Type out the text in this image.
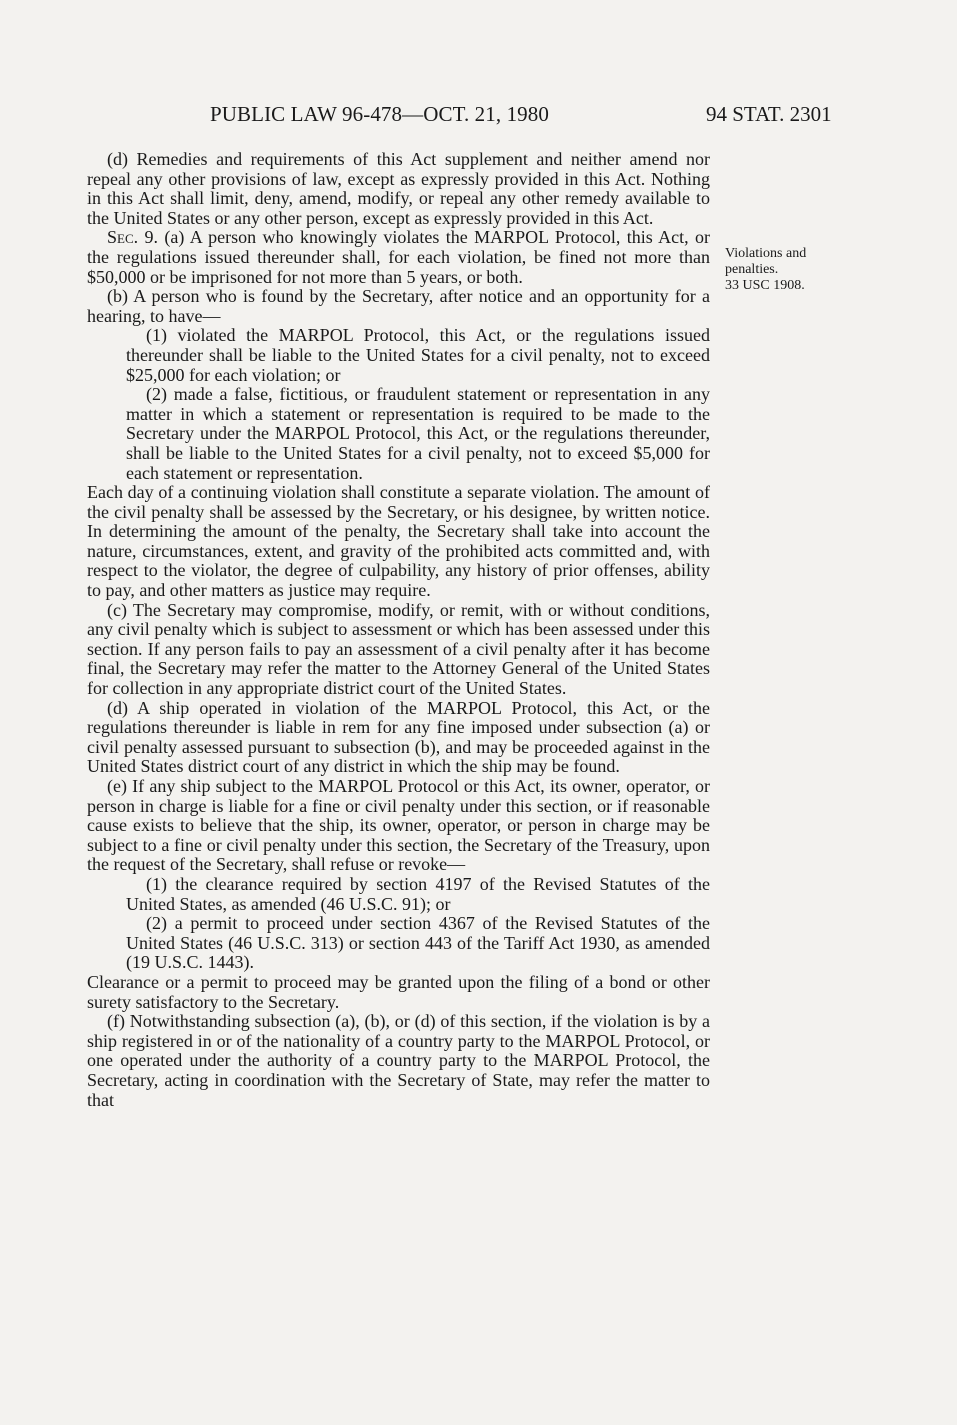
PUBLIC LAW 96-478—OCT. 21, 1980	94 STAT. 2301
Violations and
penalties.
33 USC 1908.

(d) Remedies and requirements of this Act supplement and neither amend nor repeal any other provisions of law, except as expressly provided in this Act. Nothing in this Act shall limit, deny, amend, modify, or repeal any other remedy available to the United States or any other person, except as expressly provided in this Act.

Sec. 9. (a) A person who knowingly violates the MARPOL Protocol, this Act, or the regulations issued thereunder shall, for each violation, be fined not more than $50,000 or be imprisoned for not more than 5 years, or both.

(b) A person who is found by the Secretary, after notice and an opportunity for a hearing, to have—

(1) violated the MARPOL Protocol, this Act, or the regulations issued thereunder shall be liable to the United States for a civil penalty, not to exceed $25,000 for each violation; or

(2) made a false, fictitious, or fraudulent statement or representation in any matter in which a statement or representation is required to be made to the Secretary under the MARPOL Protocol, this Act, or the regulations thereunder, shall be liable to the United States for a civil penalty, not to exceed $5,000 for each statement or representation.

Each day of a continuing violation shall constitute a separate violation. The amount of the civil penalty shall be assessed by the Secretary, or his designee, by written notice. In determining the amount of the penalty, the Secretary shall take into account the nature, circumstances, extent, and gravity of the prohibited acts committed and, with respect to the violator, the degree of culpability, any history of prior offenses, ability to pay, and other matters as justice may require.

(c) The Secretary may compromise, modify, or remit, with or without conditions, any civil penalty which is subject to assessment or which has been assessed under this section. If any person fails to pay an assessment of a civil penalty after it has become final, the Secretary may refer the matter to the Attorney General of the United States for collection in any appropriate district court of the United States.

(d) A ship operated in violation of the MARPOL Protocol, this Act, or the regulations thereunder is liable in rem for any fine imposed under subsection (a) or civil penalty assessed pursuant to subsection (b), and may be proceeded against in the United States district court of any district in which the ship may be found.

(e) If any ship subject to the MARPOL Protocol or this Act, its owner, operator, or person in charge is liable for a fine or civil penalty under this section, or if reasonable cause exists to believe that the ship, its owner, operator, or person in charge may be subject to a fine or civil penalty under this section, the Secretary of the Treasury, upon the request of the Secretary, shall refuse or revoke—

(1) the clearance required by section 4197 of the Revised Statutes of the United States, as amended (46 U.S.C. 91); or

(2) a permit to proceed under section 4367 of the Revised Statutes of the United States (46 U.S.C. 313) or section 443 of the Tariff Act 1930, as amended (19 U.S.C. 1443).

Clearance or a permit to proceed may be granted upon the filing of a bond or other surety satisfactory to the Secretary.

(f) Notwithstanding subsection (a), (b), or (d) of this section, if the violation is by a ship registered in or of the nationality of a country party to the MARPOL Protocol, or one operated under the authority of a country party to the MARPOL Protocol, the Secretary, acting in coordination with the Secretary of State, may refer the matter to that
